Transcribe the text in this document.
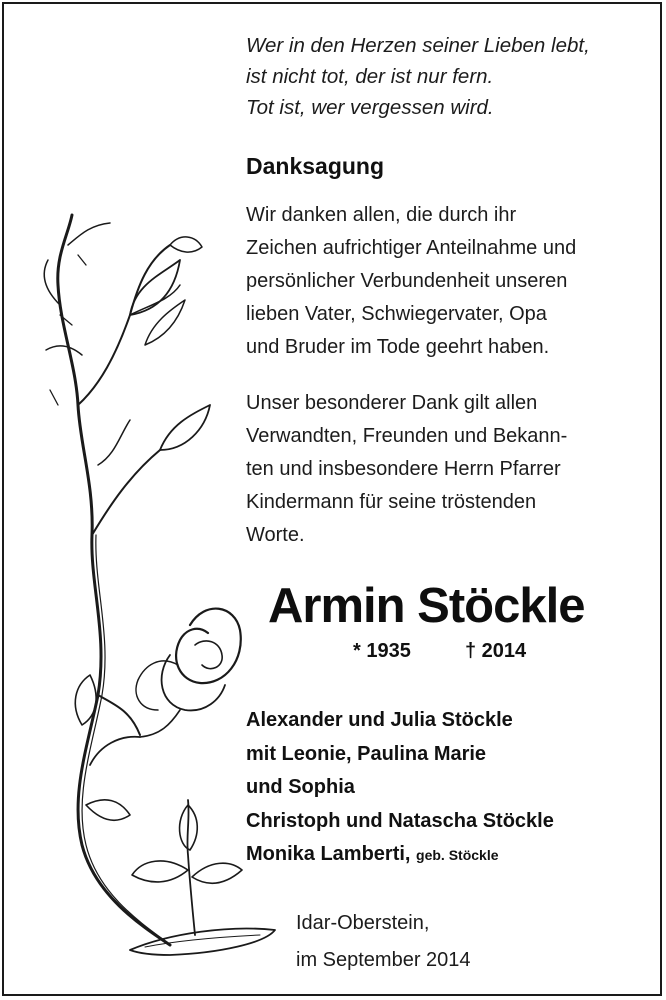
Wer in den Herzen seiner Lieben lebt,
ist nicht tot, der ist nur fern.
Tot ist, wer vergessen wird.
Danksagung
Wir danken allen, die durch ihr
Zeichen aufrichtiger Anteilnahme und
persönlicher Verbundenheit unseren
lieben Vater, Schwiegervater, Opa
und Bruder im Tode geehrt haben.
Unser besonderer Dank gilt allen
Verwandten, Freunden und Bekann-
ten und insbesondere Herrn Pfarrer
Kindermann für seine tröstenden
Worte.
Armin Stöckle
* 1935	† 2014
Alexander und Julia Stöckle
mit Leonie, Paulina Marie
und Sophia
Christoph und Natascha Stöckle
Monika Lamberti, geb. Stöckle
Idar-Oberstein,
im September 2014
